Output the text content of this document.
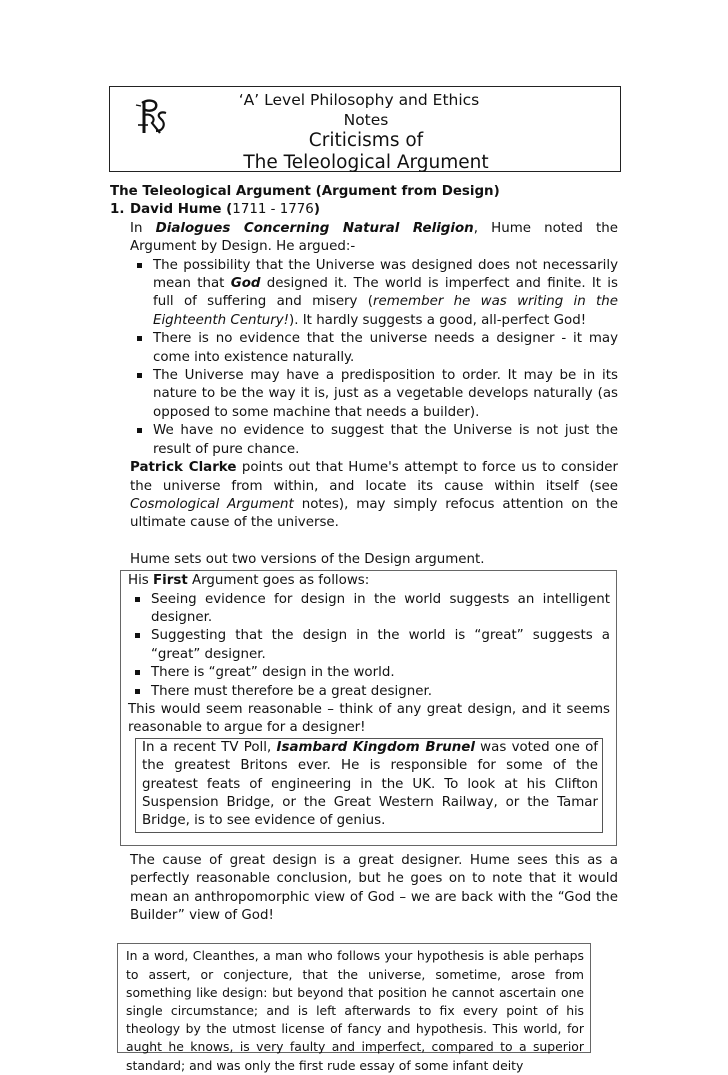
‘A’ Level Philosophy and Ethics
Notes
Criticisms of
The Teleological Argument

The Teleological Argument (Argument from Design)

1. David Hume (1711 - 1776)

In Dialogues Concerning Natural Religion, Hume noted the Argument by Design. He argued:-

The possibility that the Universe was designed does not necessarily mean that God designed it. The world is imperfect and finite. It is full of suffering and misery (remember he was writing in the Eighteenth Century!). It hardly suggests a good, all-perfect God!
There is no evidence that the universe needs a designer - it may come into existence naturally.
The Universe may have a predisposition to order. It may be in its nature to be the way it is, just as a vegetable develops naturally (as opposed to some machine that needs a builder).
We have no evidence to suggest that the Universe is not just the result of pure chance.

Patrick Clarke points out that Hume's attempt to force us to consider the universe from within, and locate its cause within itself (see Cosmological Argument notes), may simply refocus attention on the ultimate cause of the universe.

Hume sets out two versions of the Design argument.

His First Argument goes as follows:

Seeing evidence for design in the world suggests an intelligent designer.
Suggesting that the design in the world is “great” suggests a “great” designer.
There is “great” design in the world.
There must therefore be a great designer.

This would seem reasonable – think of any great design, and it seems reasonable to argue for a designer!

In a recent TV Poll, Isambard Kingdom Brunel was voted one of the greatest Britons ever. He is responsible for some of the greatest feats of engineering in the UK. To look at his Clifton Suspension Bridge, or the Great Western Railway, or the Tamar Bridge, is to see evidence of genius.

The cause of great design is a great designer. Hume sees this as a perfectly reasonable conclusion, but he goes on to note that it would mean an anthropomorphic view of God – we are back with the “God the Builder” view of God!

In a word, Cleanthes, a man who follows your hypothesis is able perhaps to assert, or conjecture, that the universe, sometime, arose from something like design: but beyond that position he cannot ascertain one single circumstance; and is left afterwards to fix every point of his theology by the utmost license of fancy and hypothesis. This world, for aught he knows, is very faulty and imperfect, compared to a superior standard; and was only the first rude essay of some infant deity
